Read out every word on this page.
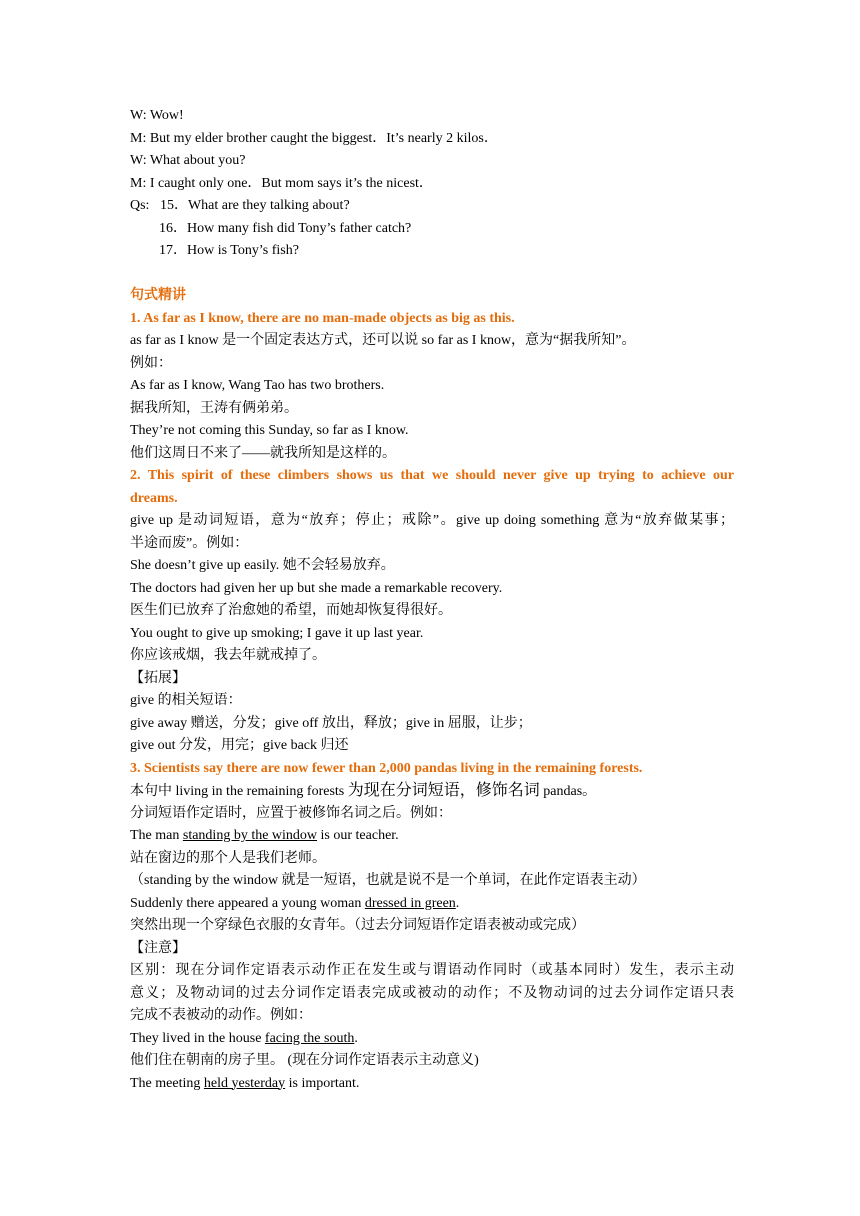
W: Wow!
M: But my elder brother caught the biggest．It’s nearly 2 kilos．
W: What about you?
M: I caught only one．But mom says it’s the nicest．
Qs:   15．What are they talking about?
16．How many fish did Tony’s father catch?
17．How is Tony’s fish?
句式精讲
1. As far as I know, there are no man-made objects as big as this.
as far as I know 是一个固定表达方式，还可以说 so far as I know，意为“据我所知”。
例如：
As far as I know, Wang Tao has two brothers.
据我所知，王涛有俩弟弟。
They’re not coming this Sunday, so far as I know.
他们这周日不来了——就我所知是这样的。
2. This spirit of these climbers shows us that we should never give up trying to achieve our
dreams.
give up 是动词短语，意为“放弃；停止；戒除”。give up doing something 意为“放弃做某事；
半途而废”。例如：
She doesn’t give up easily. 她不会轻易放弃。
The doctors had given her up but she made a remarkable recovery.
医生们已放弃了治愈她的希望，而她却恢复得很好。
You ought to give up smoking; I gave it up last year.
你应该戒烟，我去年就戒掉了。
【拓展】
give 的相关短语：
give away 赠送，分发；give off 放出，释放；give in 屈服，让步；
give out 分发，用完；give back 归还
3. Scientists say there are now fewer than 2,000 pandas living in the remaining forests.
本句中 living in the remaining forests 为现在分词短语，修饰名词 pandas。
分词短语作定语时，应置于被修饰名词之后。例如：
The man standing by the window is our teacher.
站在窗边的那个人是我们老师。
（standing by the window 就是一短语，也就是说不是一个单词，在此作定语表主动）
Suddenly there appeared a young woman dressed in green.
突然出现一个穿绿色衣服的女青年。（过去分词短语作定语表被动或完成）
【注意】
区别：现在分词作定语表示动作正在发生或与谓语动作同时（或基本同时）发生，表示主动
意义；及物动词的过去分词作定语表完成或被动的动作；不及物动词的过去分词作定语只表
完成不表被动的动作。例如：
They lived in the house facing the south.
他们住在朝南的房子里。 (现在分词作定语表示主动意义)
The meeting held yesterday is important.
